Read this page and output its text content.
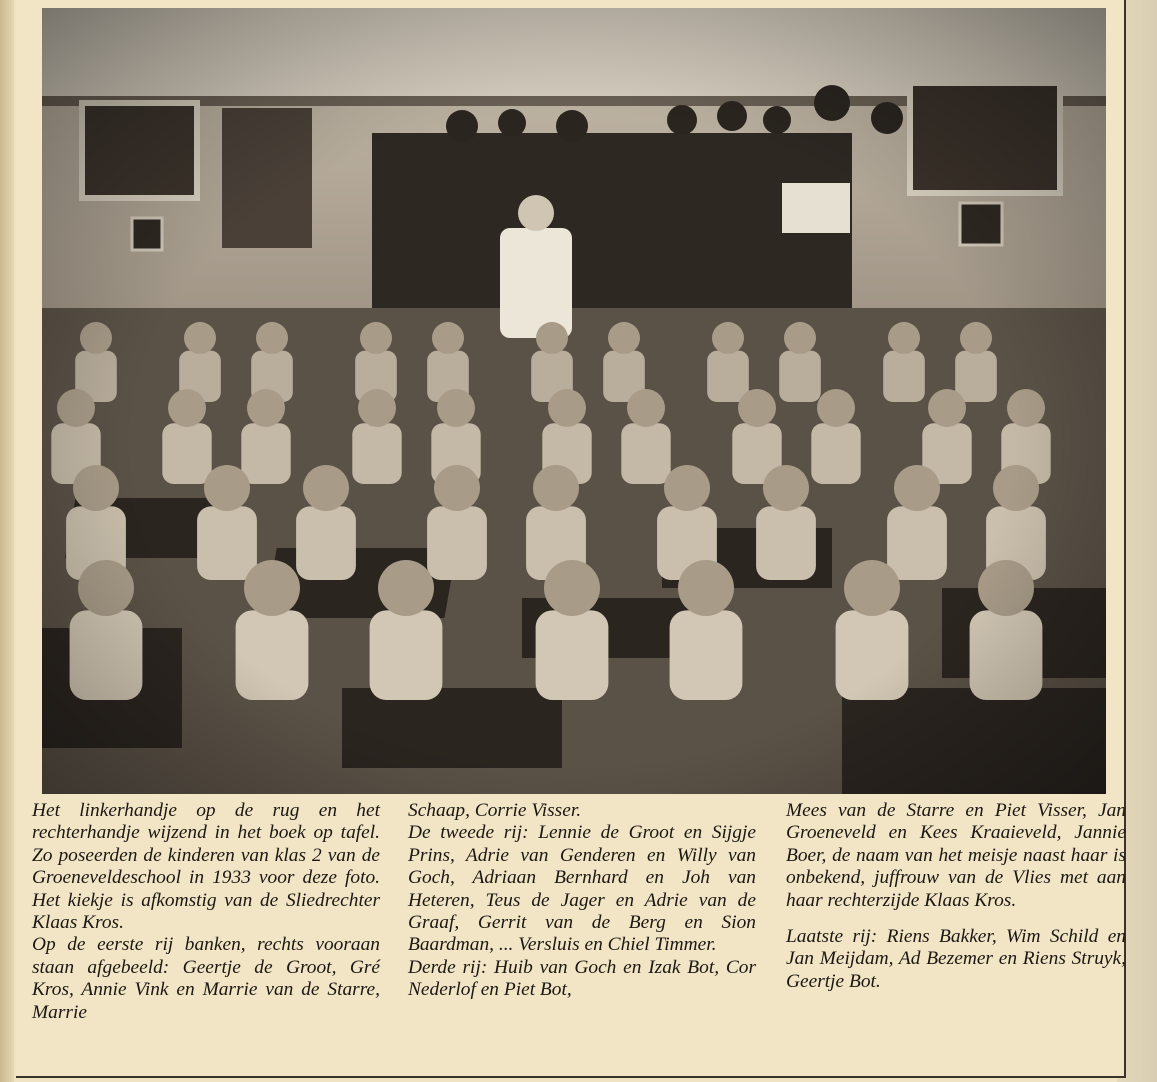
Het linkerhandje op de rug en het rechterhandje wijzend in het boek op tafel. Zo poseerden de kinderen van klas 2 van de Groeneveldeschool in 1933 voor deze foto. Het kiekje is afkomstig van de Sliedrechter Klaas Kros.

Op de eerste rij banken, rechts vooraan staan afgebeeld: Geertje de Groot, Gré Kros, Annie Vink en Marrie van de Starre, Marrie

Schaap, Corrie Visser.

De tweede rij: Lennie de Groot en Sijgje Prins, Adrie van Genderen en Willy van Goch, Adriaan Bernhard en Joh van Heteren, Teus de Jager en Adrie van de Graaf, Gerrit van de Berg en Sion Baardman, ... Versluis en Chiel Timmer.

Derde rij: Huib van Goch en Izak Bot, Cor Nederlof en Piet Bot,

Mees van de Starre en Piet Visser, Jan Groeneveld en Kees Kraaieveld, Jannie Boer, de naam van het meisje naast haar is onbekend, juffrouw van de Vlies met aan haar rechterzijde Klaas Kros.

Laatste rij: Riens Bakker, Wim Schild en Jan Meijdam, Ad Bezemer en Riens Struyk, Geertje Bot.
